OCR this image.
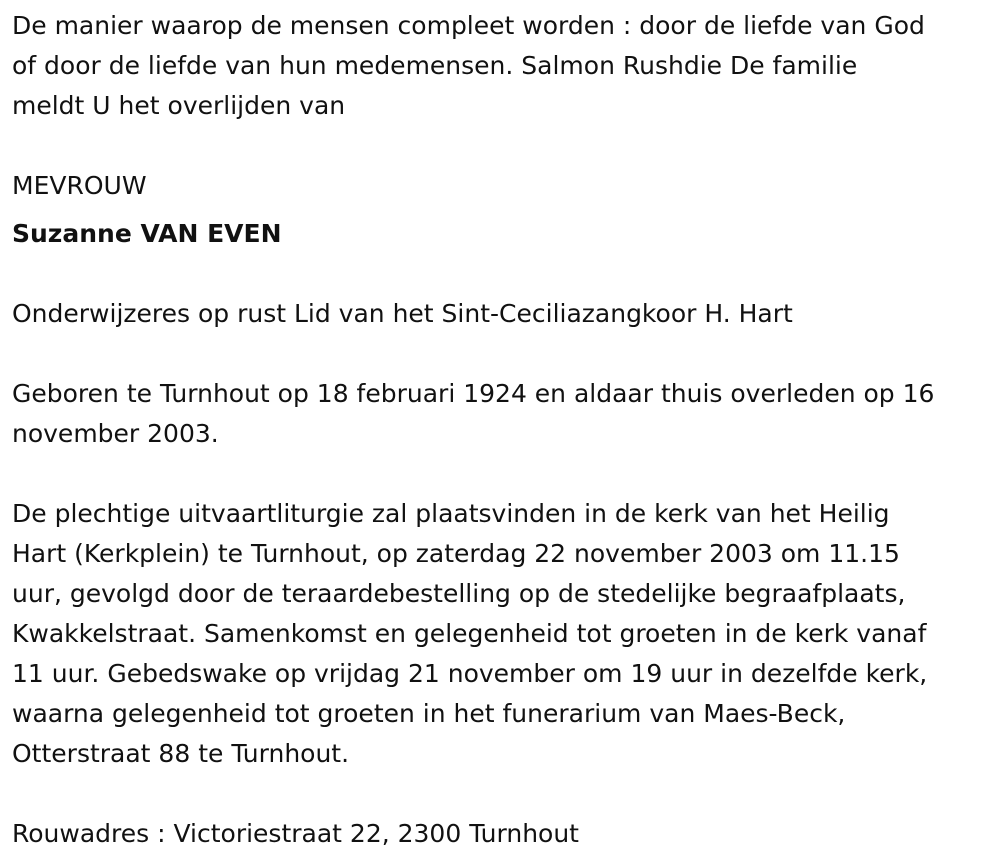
De manier waarop de mensen compleet worden : door de liefde van God
of door de liefde van hun medemensen. Salmon Rushdie De familie
meldt U het overlijden van

MEVROUW

Suzanne VAN EVEN

Onderwijzeres op rust Lid van het Sint-Ceciliazangkoor H. Hart

Geboren te Turnhout op 18 februari 1924 en aldaar thuis overleden op 16
november 2003.

De plechtige uitvaartliturgie zal plaatsvinden in de kerk van het Heilig
Hart (Kerkplein) te Turnhout, op zaterdag 22 november 2003 om 11.15
uur, gevolgd door de teraardebestelling op de stedelijke begraafplaats,
Kwakkelstraat. Samenkomst en gelegenheid tot groeten in de kerk vanaf
11 uur. Gebedswake op vrijdag 21 november om 19 uur in dezelfde kerk,
waarna gelegenheid tot groeten in het funerarium van Maes-Beck,
Otterstraat 88 te Turnhout.

Rouwadres : Victoriestraat 22, 2300 Turnhout
